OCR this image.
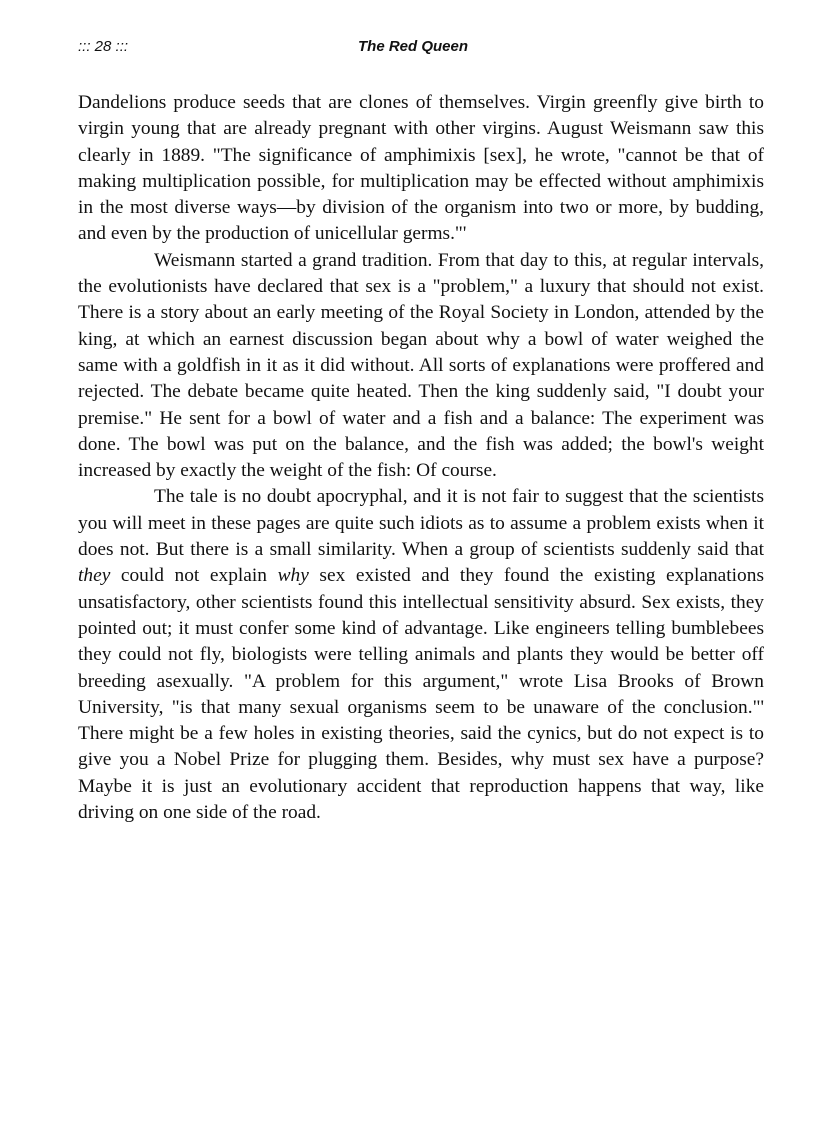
::: 28 :::	The Red Queen

Dandelions produce seeds that are clones of themselves. Virgin greenfly give birth to virgin young that are already pregnant with other virgins. August Weismann saw this clearly in 1889. "The significance of amphimixis [sex], he wrote, "cannot be that of making multiplication possible, for multiplication may be effected without amphimixis in the most diverse ways—by division of the organism into two or more, by budding, and even by the production of unicellular germs."'

Weismann started a grand tradition. From that day to this, at regular intervals, the evolutionists have declared that sex is a "problem," a luxury that should not exist. There is a story about an early meeting of the Royal Society in London, attended by the king, at which an earnest discussion began about why a bowl of water weighed the same with a goldfish in it as it did without. All sorts of explanations were proffered and rejected. The debate became quite heated. Then the king suddenly said, "I doubt your premise." He sent for a bowl of water and a fish and a balance: The experiment was done. The bowl was put on the balance, and the fish was added; the bowl's weight increased by exactly the weight of the fish: Of course.

The tale is no doubt apocryphal, and it is not fair to suggest that the scientists you will meet in these pages are quite such idiots as to assume a problem exists when it does not. But there is a small similarity. When a group of scientists suddenly said that they could not explain why sex existed and they found the existing explanations unsatisfactory, other scientists found this intellectual sensitivity absurd. Sex exists, they pointed out; it must confer some kind of advantage. Like engineers telling bumblebees they could not fly, biologists were telling animals and plants they would be better off breeding asexually. "A problem for this argument," wrote Lisa Brooks of Brown University, "is that many sexual organisms seem to be unaware of the conclusion."' There might be a few holes in existing theories, said the cynics, but do not expect is to give you a Nobel Prize for plugging them. Besides, why must sex have a purpose? Maybe it is just an evolutionary accident that reproduction happens that way, like driving on one side of the road.
